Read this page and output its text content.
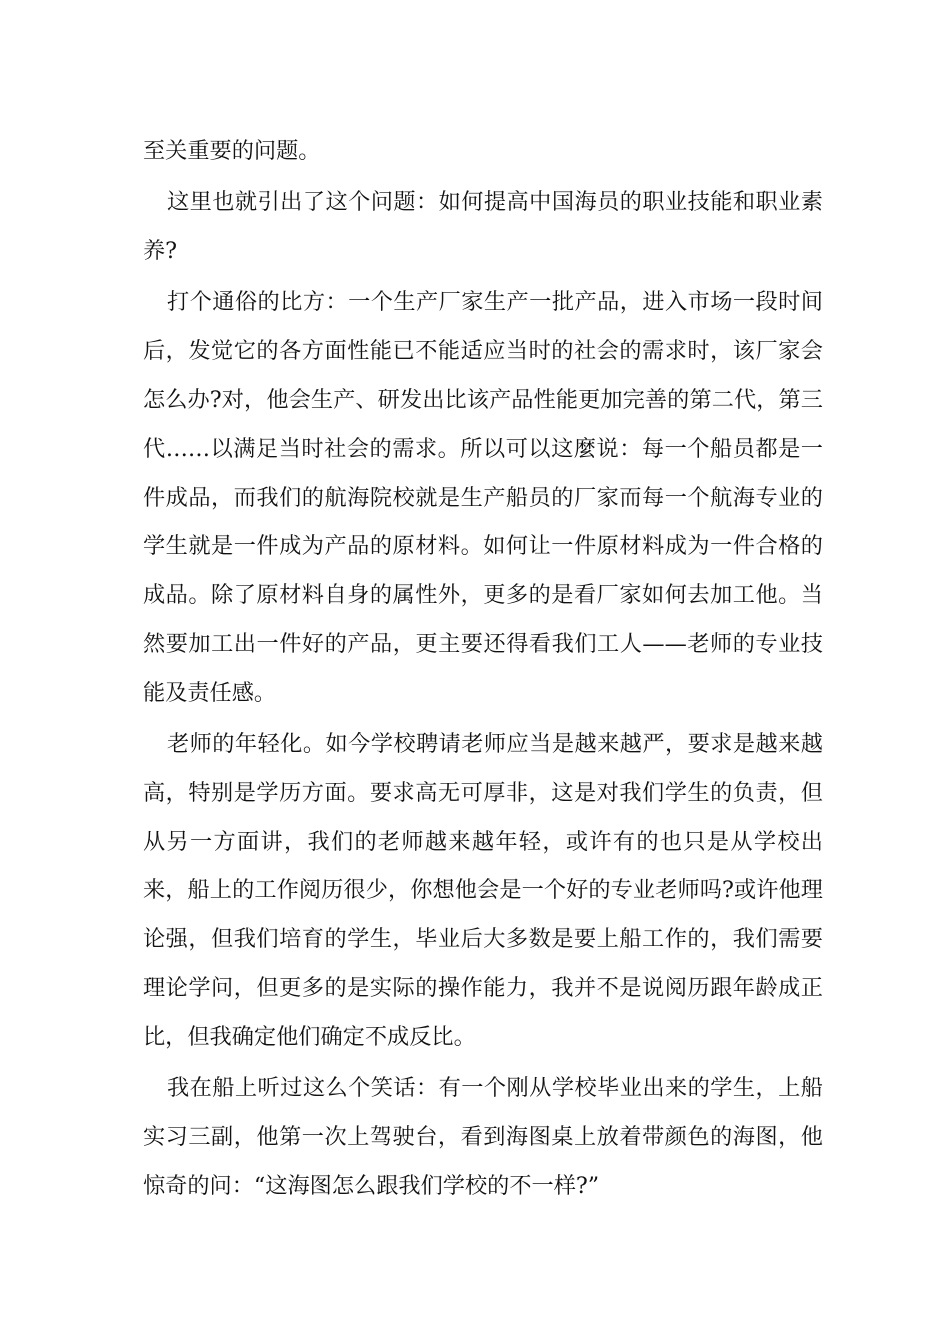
至关重要的问题。

这里也就引出了这个问题：如何提高中国海员的职业技能和职业素养?

打个通俗的比方：一个生产厂家生产一批产品，进入市场一段时间后，发觉它的各方面性能已不能适应当时的社会的需求时，该厂家会怎么办?对，他会生产、研发出比该产品性能更加完善的第二代，第三代……以满足当时社会的需求。所以可以这麼说：每一个船员都是一件成品，而我们的航海院校就是生产船员的厂家而每一个航海专业的学生就是一件成为产品的原材料。如何让一件原材料成为一件合格的成品。除了原材料自身的属性外，更多的是看厂家如何去加工他。当然要加工出一件好的产品，更主要还得看我们工人——老师的专业技能及责任感。

老师的年轻化。如今学校聘请老师应当是越来越严，要求是越来越高，特别是学历方面。要求高无可厚非，这是对我们学生的负责，但从另一方面讲，我们的老师越来越年轻，或许有的也只是从学校出来，船上的工作阅历很少，你想他会是一个好的专业老师吗?或许他理论强，但我们培育的学生，毕业后大多数是要上船工作的，我们需要理论学问，但更多的是实际的操作能力，我并不是说阅历跟年龄成正比，但我确定他们确定不成反比。

我在船上听过这么个笑话：有一个刚从学校毕业出来的学生，上船实习三副，他第一次上驾驶台，看到海图桌上放着带颜色的海图，他惊奇的问：“这海图怎么跟我们学校的不一样?”
